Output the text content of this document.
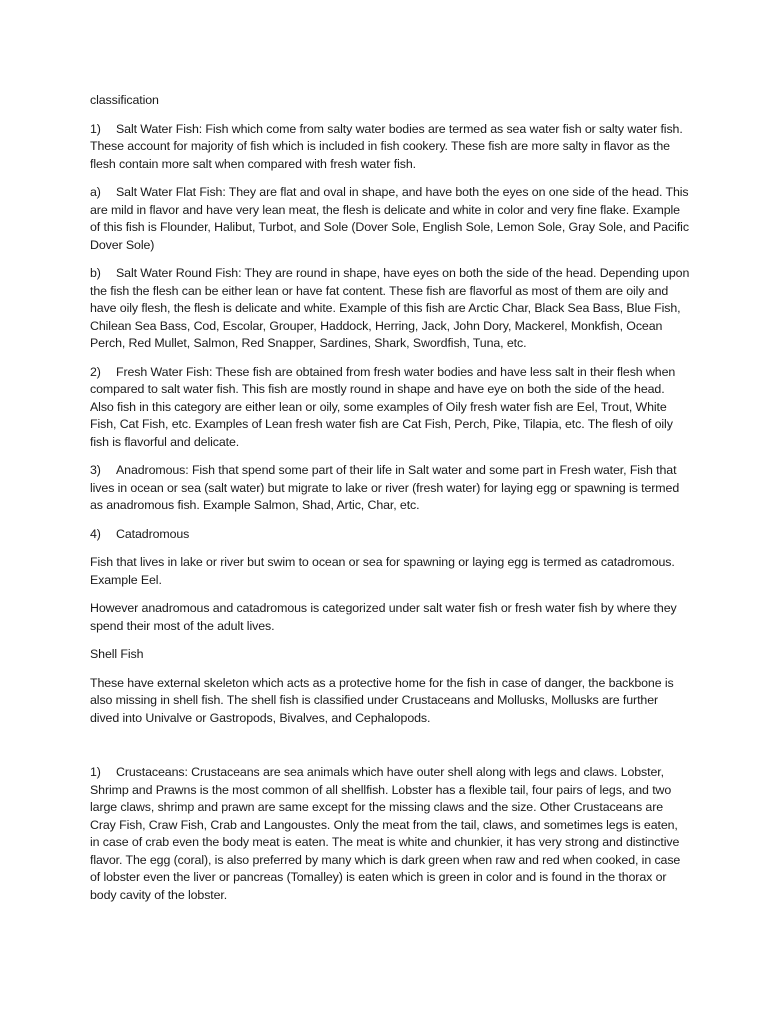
classification

1) Salt Water Fish: Fish which come from salty water bodies are termed as sea water fish or salty water fish. These account for majority of fish which is included in fish cookery. These fish are more salty in flavor as the flesh contain more salt when compared with fresh water fish.

a) Salt Water Flat Fish: They are flat and oval in shape, and have both the eyes on one side of the head. This are mild in flavor and have very lean meat, the flesh is delicate and white in color and very fine flake. Example of this fish is Flounder, Halibut, Turbot, and Sole (Dover Sole, English Sole, Lemon Sole, Gray Sole, and Pacific Dover Sole)

b) Salt Water Round Fish: They are round in shape, have eyes on both the side of the head. Depending upon the fish the flesh can be either lean or have fat content. These fish are flavorful as most of them are oily and have oily flesh, the flesh is delicate and white. Example of this fish are Arctic Char, Black Sea Bass, Blue Fish, Chilean Sea Bass, Cod, Escolar, Grouper, Haddock, Herring, Jack, John Dory, Mackerel, Monkfish, Ocean Perch, Red Mullet, Salmon, Red Snapper, Sardines, Shark, Swordfish, Tuna, etc.

2) Fresh Water Fish: These fish are obtained from fresh water bodies and have less salt in their flesh when compared to salt water fish. This fish are mostly round in shape and have eye on both the side of the head. Also fish in this category are either lean or oily, some examples of Oily fresh water fish are Eel, Trout, White Fish, Cat Fish, etc. Examples of Lean fresh water fish are Cat Fish, Perch, Pike, Tilapia, etc. The flesh of oily fish is flavorful and delicate.

3) Anadromous: Fish that spend some part of their life in Salt water and some part in Fresh water, Fish that lives in ocean or sea (salt water) but migrate to lake or river (fresh water) for laying egg or spawning is termed as anadromous fish. Example Salmon, Shad, Artic, Char, etc.

4) Catadromous

Fish that lives in lake or river but swim to ocean or sea for spawning or laying egg is termed as catadromous. Example Eel.

However anadromous and catadromous is categorized under salt water fish or fresh water fish by where they spend their most of the adult lives.

Shell Fish

These have external skeleton which acts as a protective home for the fish in case of danger, the backbone is also missing in shell fish. The shell fish is classified under Crustaceans and Mollusks, Mollusks are further dived into Univalve or Gastropods, Bivalves, and Cephalopods.

1) Crustaceans: Crustaceans are sea animals which have outer shell along with legs and claws. Lobster, Shrimp and Prawns is the most common of all shellfish. Lobster has a flexible tail, four pairs of legs, and two large claws, shrimp and prawn are same except for the missing claws and the size. Other Crustaceans are Cray Fish, Craw Fish, Crab and Langoustes. Only the meat from the tail, claws, and sometimes legs is eaten, in case of crab even the body meat is eaten. The meat is white and chunkier, it has very strong and distinctive flavor. The egg (coral), is also preferred by many which is dark green when raw and red when cooked, in case of lobster even the liver or pancreas (Tomalley) is eaten which is green in color and is found in the thorax or body cavity of the lobster.
